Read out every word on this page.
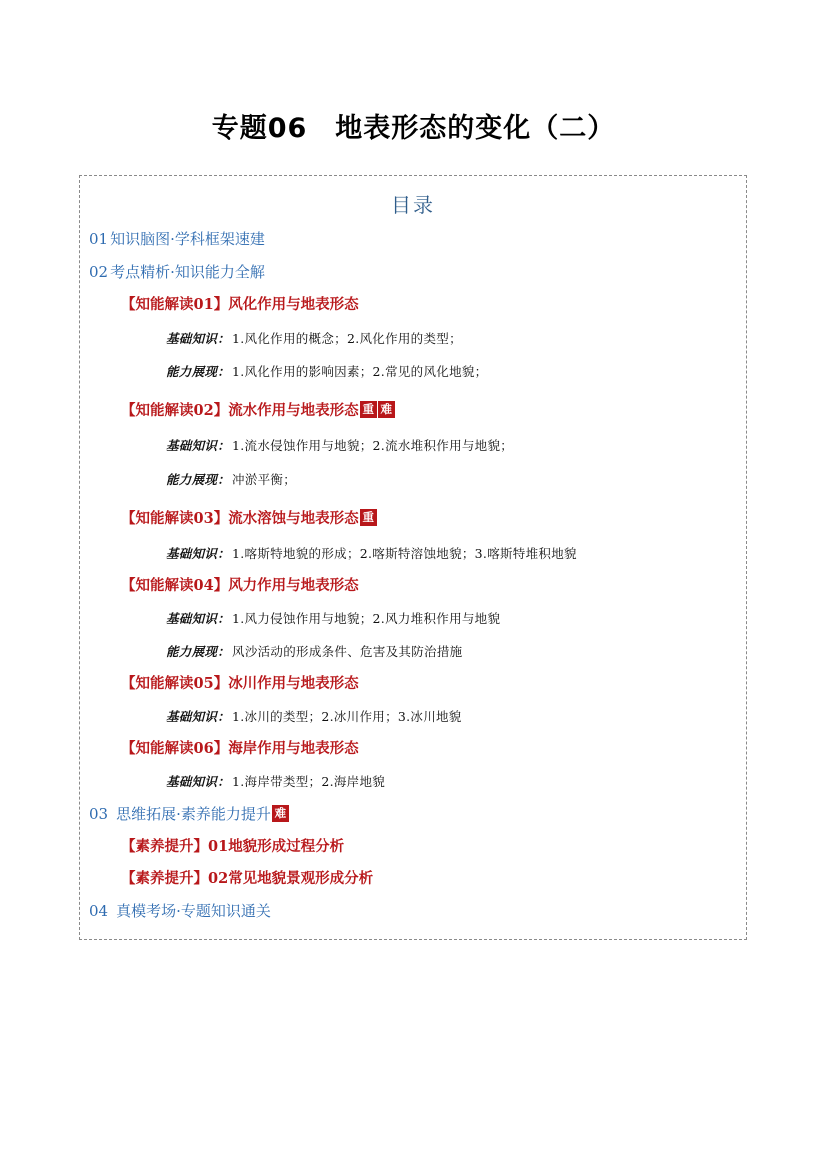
专题06　地表形态的变化（二）
目录
01 知识脑图·学科框架速建
02 考点精析·知识能力全解
【知能解读01】风化作用与地表形态
基础知识： 1.风化作用的概念；2.风化作用的类型；
能力展现： 1.风化作用的影响因素；2.常见的风化地貌；
【知能解读02】流水作用与地表形态 重 难
基础知识： 1.流水侵蚀作用与地貌；2.流水堆积作用与地貌；
能力展现： 冲淤平衡；
【知能解读03】流水溶蚀与地表形态 重
基础知识： 1.喀斯特地貌的形成；2.喀斯特溶蚀地貌；3.喀斯特堆积地貌
【知能解读04】风力作用与地表形态
基础知识： 1.风力侵蚀作用与地貌；2.风力堆积作用与地貌
能力展现： 风沙活动的形成条件、危害及其防治措施
【知能解读05】冰川作用与地表形态
基础知识： 1.冰川的类型；2.冰川作用；3.冰川地貌
【知能解读06】海岸作用与地表形态
基础知识： 1.海岸带类型；2.海岸地貌
03 思维拓展·素养能力提升 难
【素养提升】01地貌形成过程分析
【素养提升】02常见地貌景观形成分析
04 真模考场·专题知识通关
